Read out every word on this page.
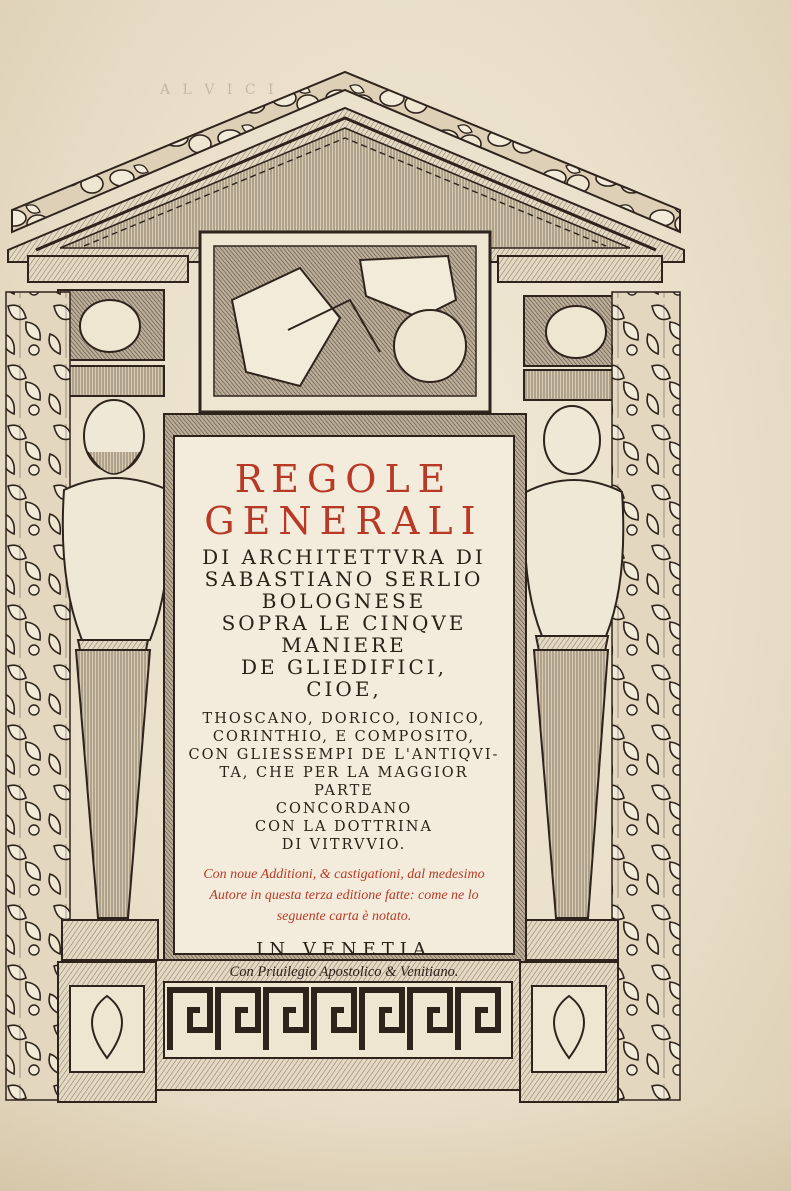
A L V I C I
REGOLE
GENERALI
DI ARCHITETTVRA DI
SABASTIANO SERLIO
BOLOGNESE
SOPRA LE CINQVE
MANIERE
DE GLIEDIFICI,
CIOE,
THOSCANO, DORICO, IONICO,
CORINTHIO, E COMPOSITO,
CON GLIESSEMPI DE L'ANTIQVI-
TA, CHE PER LA MAGGIOR
PARTE
CONCORDANO
CON LA DOTTRINA
DI VITRVVIO.
Con noue Additioni, & castigationi, dal medesimo
Autore in questa terza editione fatte: come ne lo
seguente carta è notato.
IN VENETIA
Con Priuilegio Apostolico & Venitiano.
